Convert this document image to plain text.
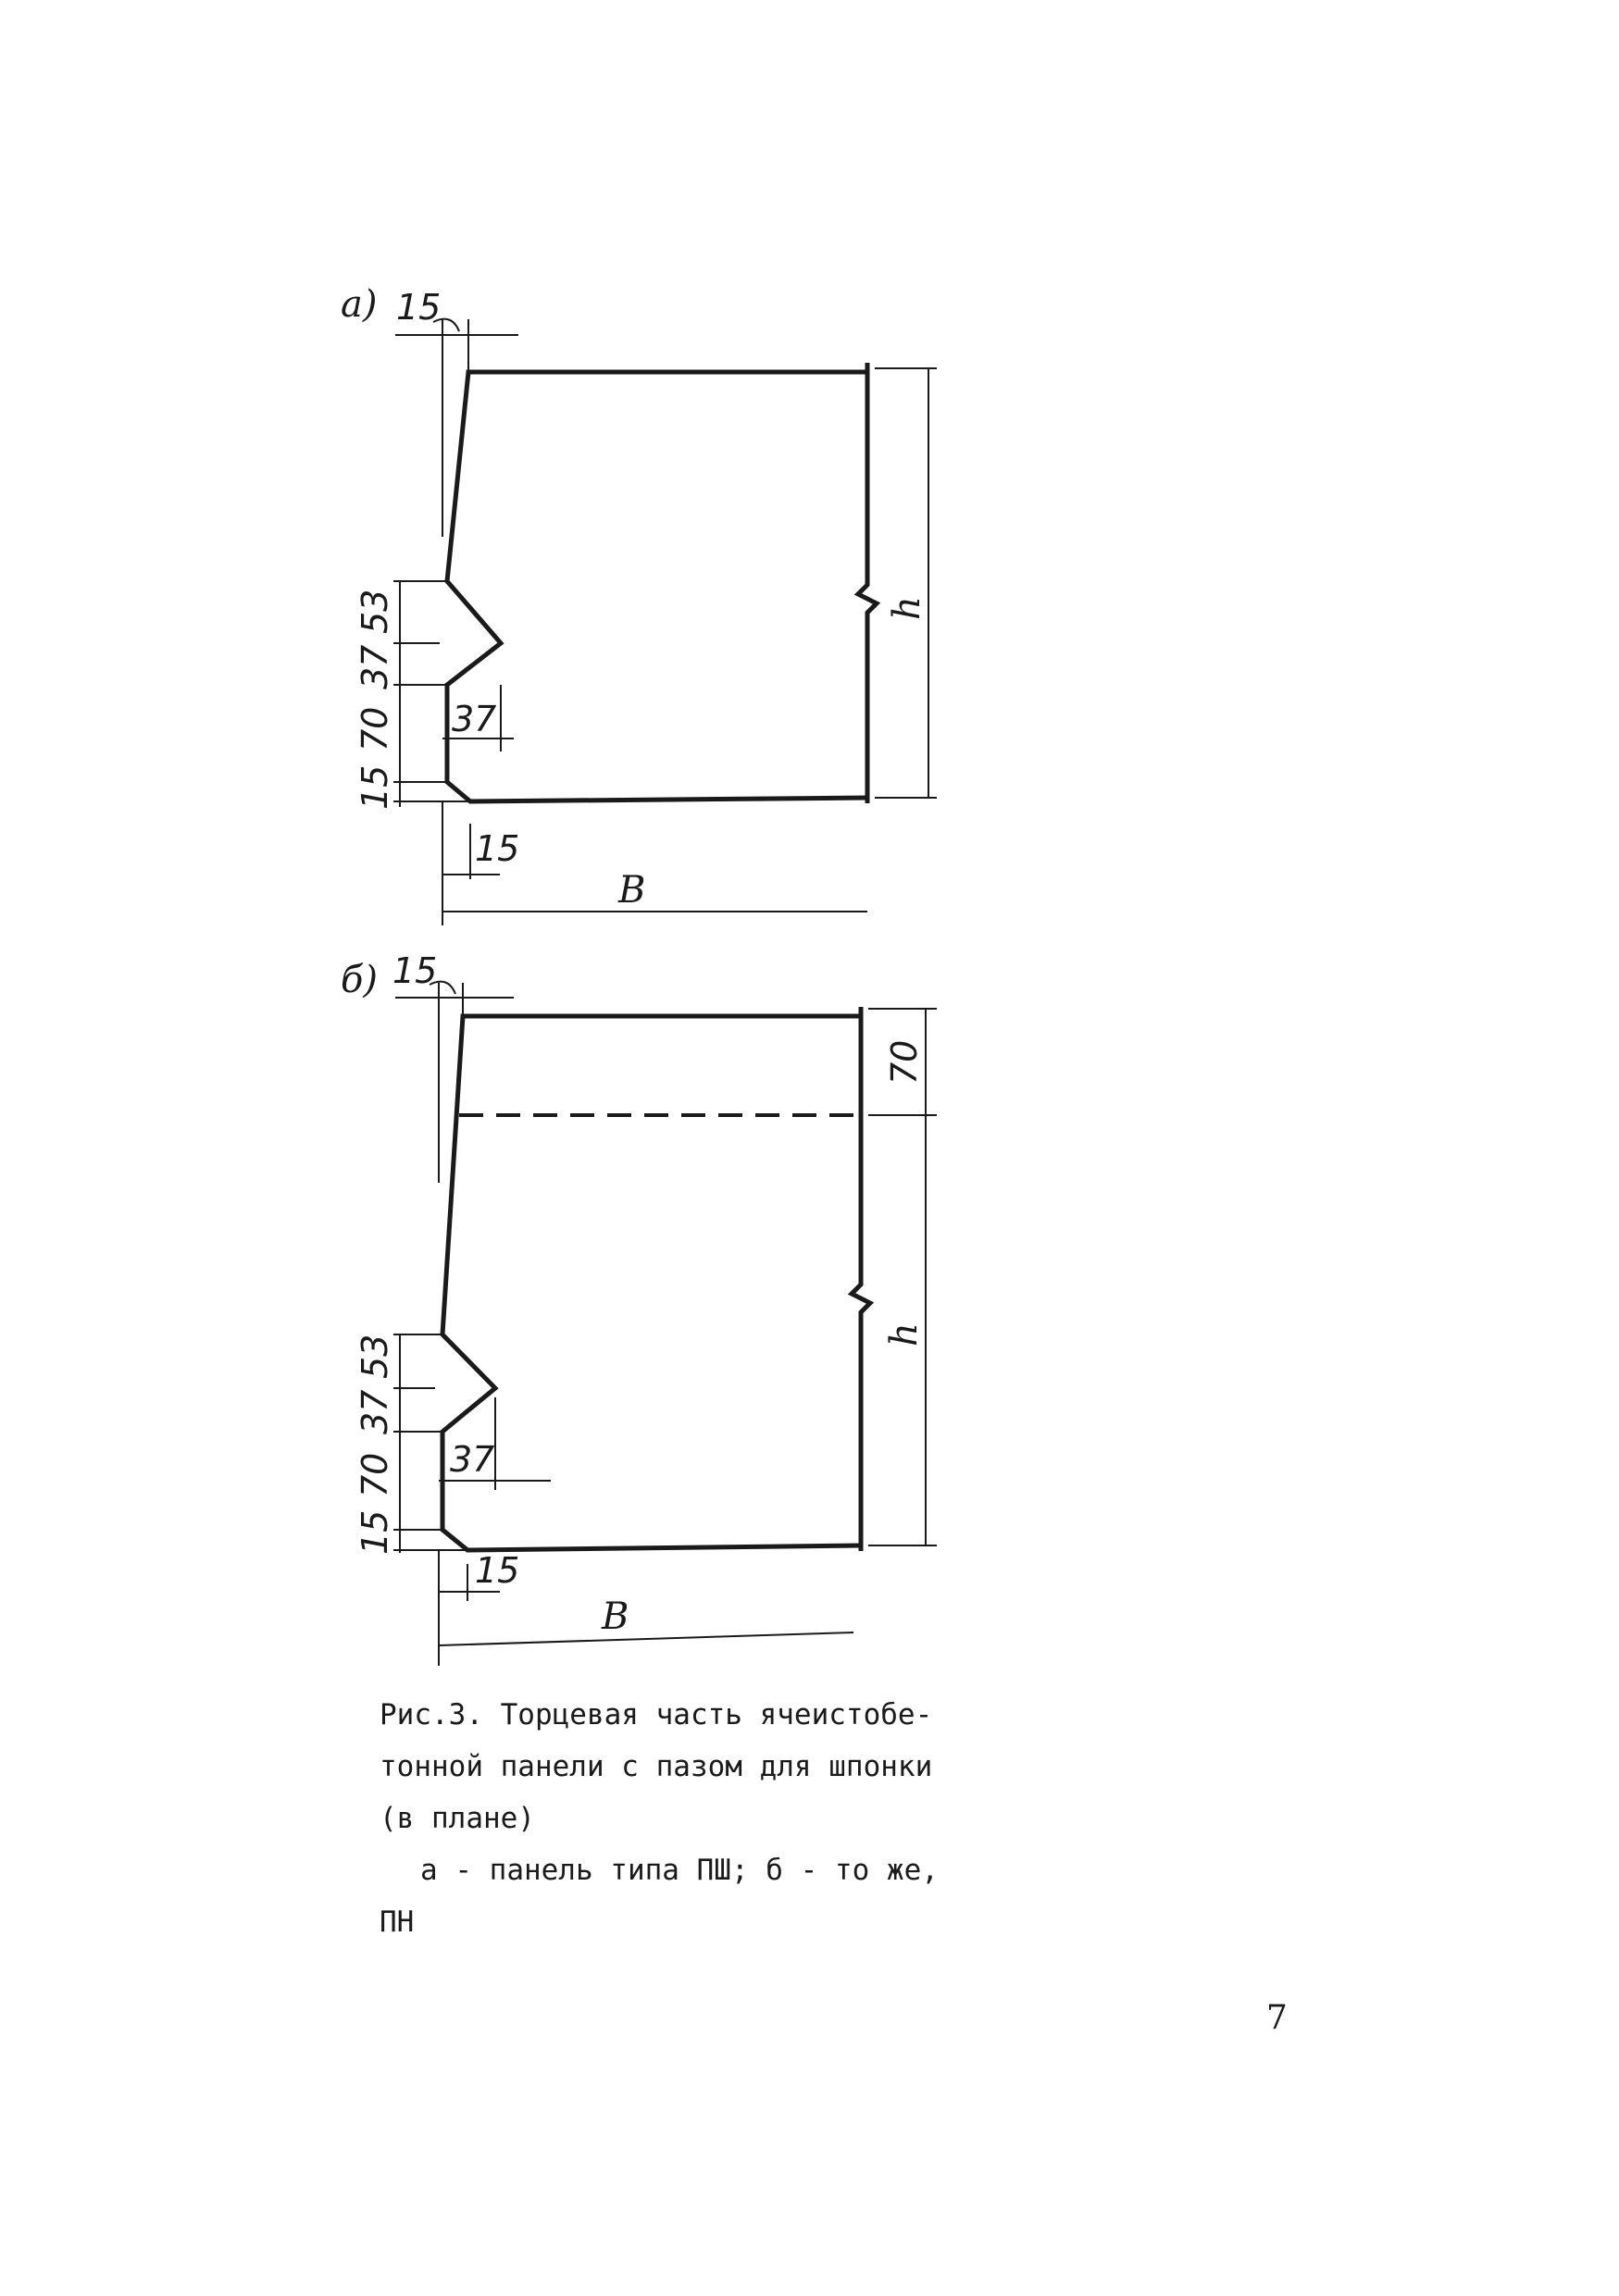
а) 15
53
37
70
15
37
15
B
h
б) 15
70
53
37
70
15
37
15
B
h
Рис.3. Торцевая часть ячеистобе-
тонной панели с пазом для шпонки
(в плане)
а - панель типа ПШ; б - то же,
ПН
7
